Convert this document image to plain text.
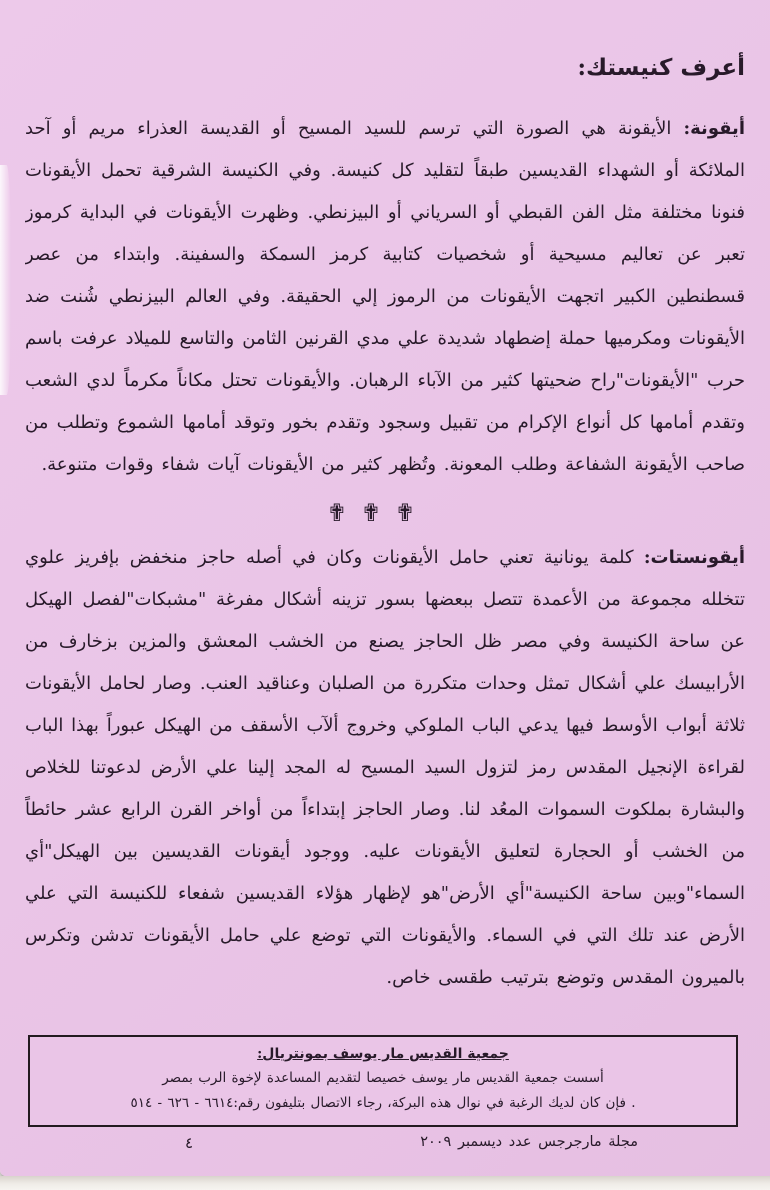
أعرف كنيستك:

أيقونة: الأيقونة هي الصورة التي ترسم للسيد المسيح أو القديسة العذراء مريم أو آحد الملائكة أو الشهداء القديسين طبقاً لتقليد كل كنيسة. وفي الكنيسة الشرقية تحمل الأيقونات فنونا مختلفة مثل الفن القبطي أو السرياني أو البيزنطي. وظهرت الأيقونات في البداية كرموز تعبر عن تعاليم مسيحية أو شخصيات كتابية كرمز السمكة والسفينة. وابتداء من عصر قسطنطين الكبير اتجهت الأيقونات من الرموز إلي الحقيقة. وفي العالم البيزنطي شُنت ضد الأيقونات ومكرميها حملة إضطهاد شديدة علي مدي القرنين الثامن والتاسع للميلاد عرفت باسم حرب "الأيقونات"راح ضحيتها كثير من الآباء الرهبان. والأيقونات تحتل مكاناً مكرماً لدي الشعب وتقدم أمامها كل أنواع الإكرام من تقبيل وسجود وتقدم بخور وتوقد أمامها الشموع وتطلب من صاحب الأيقونة الشفاعة وطلب المعونة. وتُظهر كثير من الأيقونات آيات شفاء وقوات متنوعة.

✟✟✟

أيقونستات: كلمة يونانية تعني حامل الأيقونات وكان في أصله حاجز منخفض بإفريز علوي تتخلله مجموعة من الأعمدة تتصل ببعضها بسور تزينه أشكال مفرغة "مشبكات"لفصل الهيكل عن ساحة الكنيسة وفي مصر ظل الحاجز يصنع من الخشب المعشق والمزين بزخارف من الأرابيسك علي أشكال تمثل وحدات متكررة من الصلبان وعناقيد العنب. وصار لحامل الأيقونات ثلاثة أبواب الأوسط فيها يدعي الباب الملوكي وخروج ألآب الأسقف من الهيكل عبوراً بهذا الباب لقراءة الإنجيل المقدس رمز لتزول السيد المسيح له المجد إلينا علي الأرض لدعوتنا للخلاص والبشارة بملكوت السموات المعُد لنا. وصار الحاجز إبتداءاً من أواخر القرن الرابع عشر حائطاً من الخشب أو الحجارة لتعليق الأيقونات عليه. ووجود أيقونات القديسين بين الهيكل"أي السماء"وبين ساحة الكنيسة"أي الأرض"هو لإظهار هؤلاء القديسين شفعاء للكنيسة التي علي الأرض عند تلك التي في السماء. والأيقونات التي توضع علي حامل الأيقونات تدشن وتكرس بالميرون المقدس وتوضع بترتيب طقسى خاص.

جمعية القديس مار يوسف بمونتريال:

أسست جمعية القديس مار يوسف خصيصا لتقديم المساعدة لإخوة الرب بمصر

. فإن كان لديك الرغبة في نوال هذه البركة، رجاء الاتصال بتليفون رقم:٦٦١٤ - ٦٢٦ - ٥١٤

مجلة مارجرجس عدد ديسمبر ٢٠٠٩
٤
